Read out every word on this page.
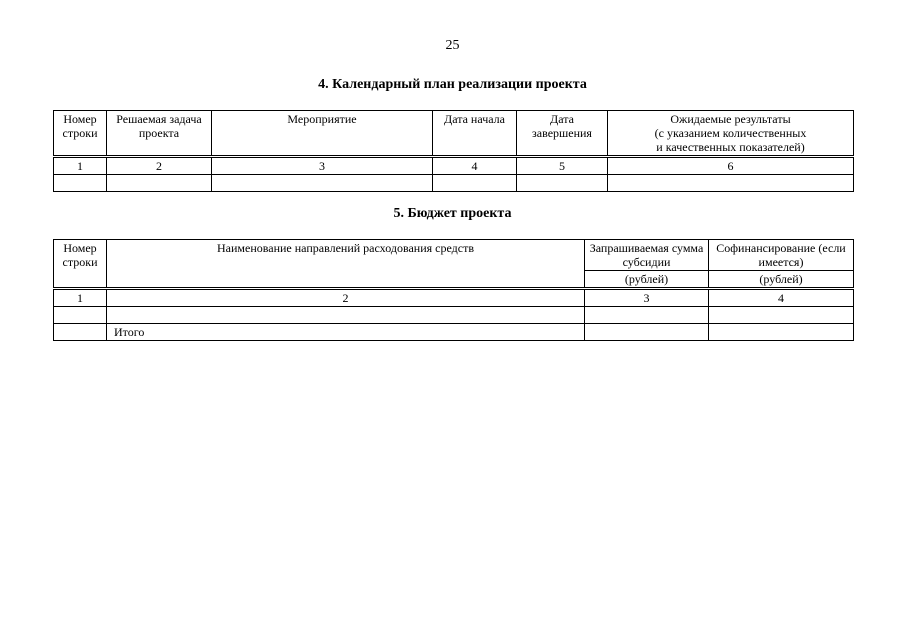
25
4. Календарный план реализации проекта
Номер строки	Решаемая задача проекта	Мероприятие	Дата начала	Дата завершения	Ожидаемые результаты
(с указанием количественных
и качественных показателей)

1	2	3	4	5	6

5. Бюджет проекта
Номер строки	Наименование направлений расходования средств	Запрашиваемая сумма субсидии	Софинансирование (если имеется)
		(рублей)	(рублей)
1	2	3	4

	Итого		
